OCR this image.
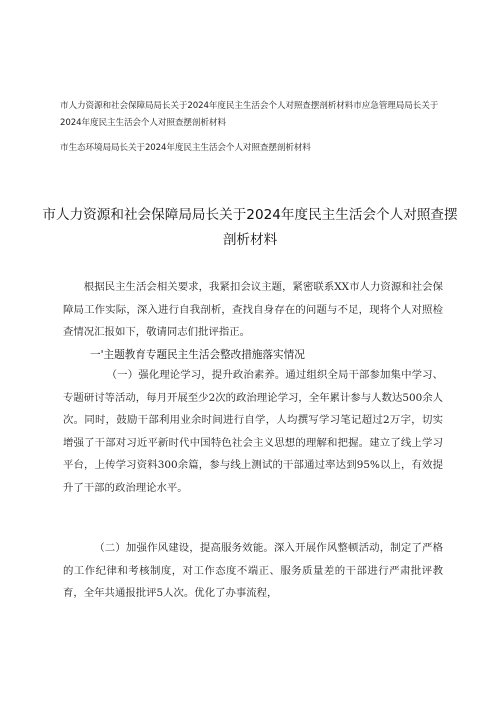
市人力资源和社会保障局局长关于2024年度民主生活会个人对照查摆剖析材料市应急管理局局长关于2024年度民主生活会个人对照查摆剖析材料
市生态环境局局长关于2024年度民主生活会个人对照查摆剖析材料
市人力资源和社会保障局局长关于2024年度民主生活会个人对照查摆剖析材料
根据民主生活会相关要求，我紧扣会议主题，紧密联系XX市人力资源和社会保障局工作实际，深入进行自我剖析，查找自身存在的问题与不足，现将个人对照检查情况汇报如下，敬请同志们批评指正。
一'主题教育专题民主生活会整改措施落实情况
（一）强化理论学习，提升政治素养。通过组织全局干部参加集中学习、专题研讨等活动，每月开展至少2次的政治理论学习，全年累计参与人数达500余人次。同时，鼓励干部利用业余时间进行自学，人均撰写学习笔记超过2万字，切实增强了干部对习近平新时代中国特色社会主义思想的理解和把握。建立了线上学习平台，上传学习资料300余篇，参与线上测试的干部通过率达到95%以上，有效提升了干部的政治理论水平。
（二）加强作风建设，提高服务效能。深入开展作风整顿活动，制定了严格的工作纪律和考核制度，对工作态度不端正、服务质量差的干部进行严肃批评教育，全年共通报批评5人次。优化了办事流程，
